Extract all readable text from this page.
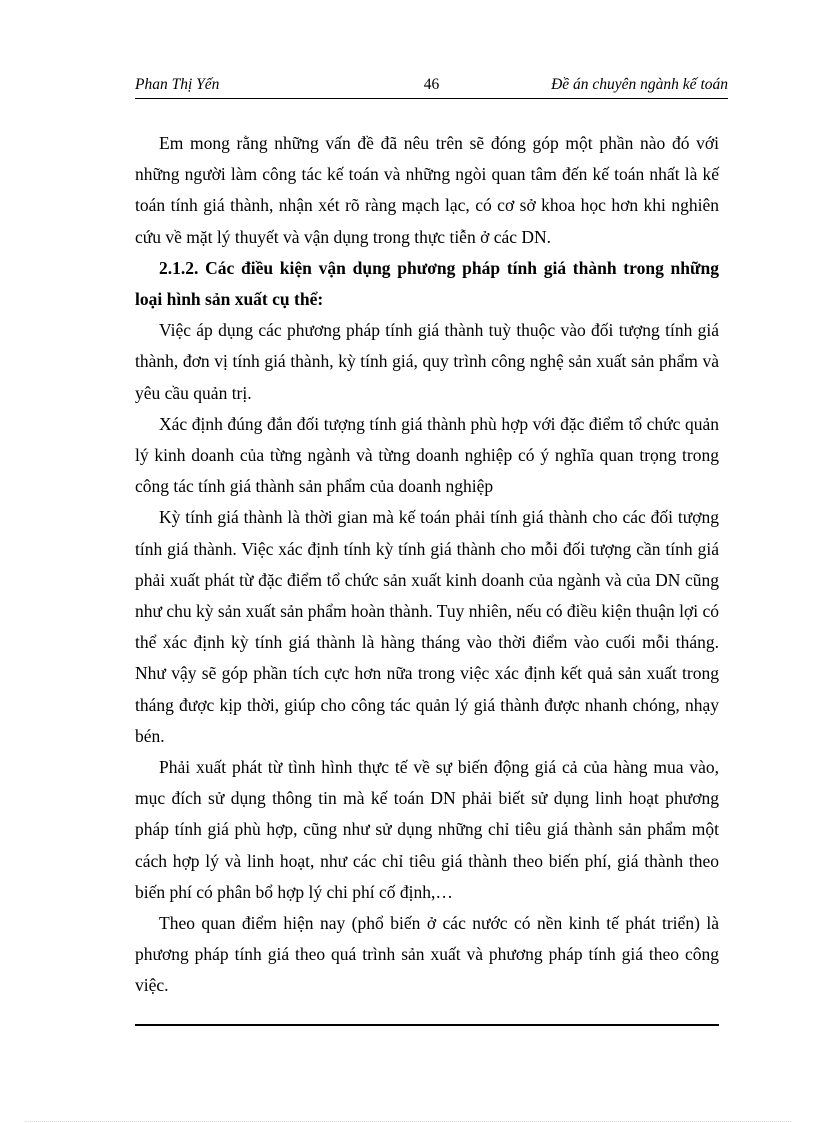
Phan Thị Yến	46	Đề án chuyên ngành kế toán

Em mong rằng những vấn đề đã nêu trên sẽ đóng góp một phần nào đó với những người làm công tác kế toán và những ngòi quan tâm đến kế toán nhất là kế toán tính giá thành, nhận xét rõ ràng mạch lạc, có cơ sở khoa học hơn khi nghiên cứu về mặt lý thuyết và vận dụng trong thực tiễn ở các DN.

2.1.2. Các điều kiện vận dụng phương pháp tính giá thành trong những loại hình sản xuất cụ thể:

Việc áp dụng các phương pháp tính giá thành tuỳ thuộc vào đối tượng tính giá thành, đơn vị tính giá thành, kỳ tính giá, quy trình công nghệ sản xuất sản phẩm và yêu cầu quản trị.

Xác định đúng đắn đối tượng tính giá thành phù hợp với đặc điểm tổ chức quản lý kinh doanh của từng ngành và từng doanh nghiệp có ý nghĩa quan trọng trong công tác tính giá thành sản phẩm của doanh nghiệp

Kỳ tính giá thành là thời gian mà kế toán phải tính giá thành cho các đối tượng tính giá thành. Việc xác định tính kỳ tính giá thành cho mỗi đối tượng cần tính giá phải xuất phát từ đặc điểm tổ chức sản xuất kinh doanh của ngành và của DN cũng như chu kỳ sản xuất sản phẩm hoàn thành. Tuy nhiên, nếu có điều kiện thuận lợi có thể xác định kỳ tính giá thành là hàng tháng vào thời điểm vào cuối mỗi tháng. Như vậy sẽ góp phần tích cực hơn nữa trong việc xác định kết quả sản xuất trong tháng được kịp thời, giúp cho công tác quản lý giá thành được nhanh chóng, nhạy bén.

Phải xuất phát từ tình hình thực tế về sự biến động giá cả của hàng mua vào, mục đích sử dụng thông tin mà kế toán DN phải biết sử dụng linh hoạt phương pháp tính giá phù hợp, cũng như sử dụng những chỉ tiêu giá thành sản phẩm một cách hợp lý và linh hoạt, như các chỉ tiêu giá thành theo biến phí, giá thành theo biến phí có phân bổ hợp lý chi phí cố định,…

Theo quan điểm hiện nay (phổ biến ở các nước có nền kinh tế phát triển) là phương pháp tính giá theo quá trình sản xuất và phương pháp tính giá theo công việc.
